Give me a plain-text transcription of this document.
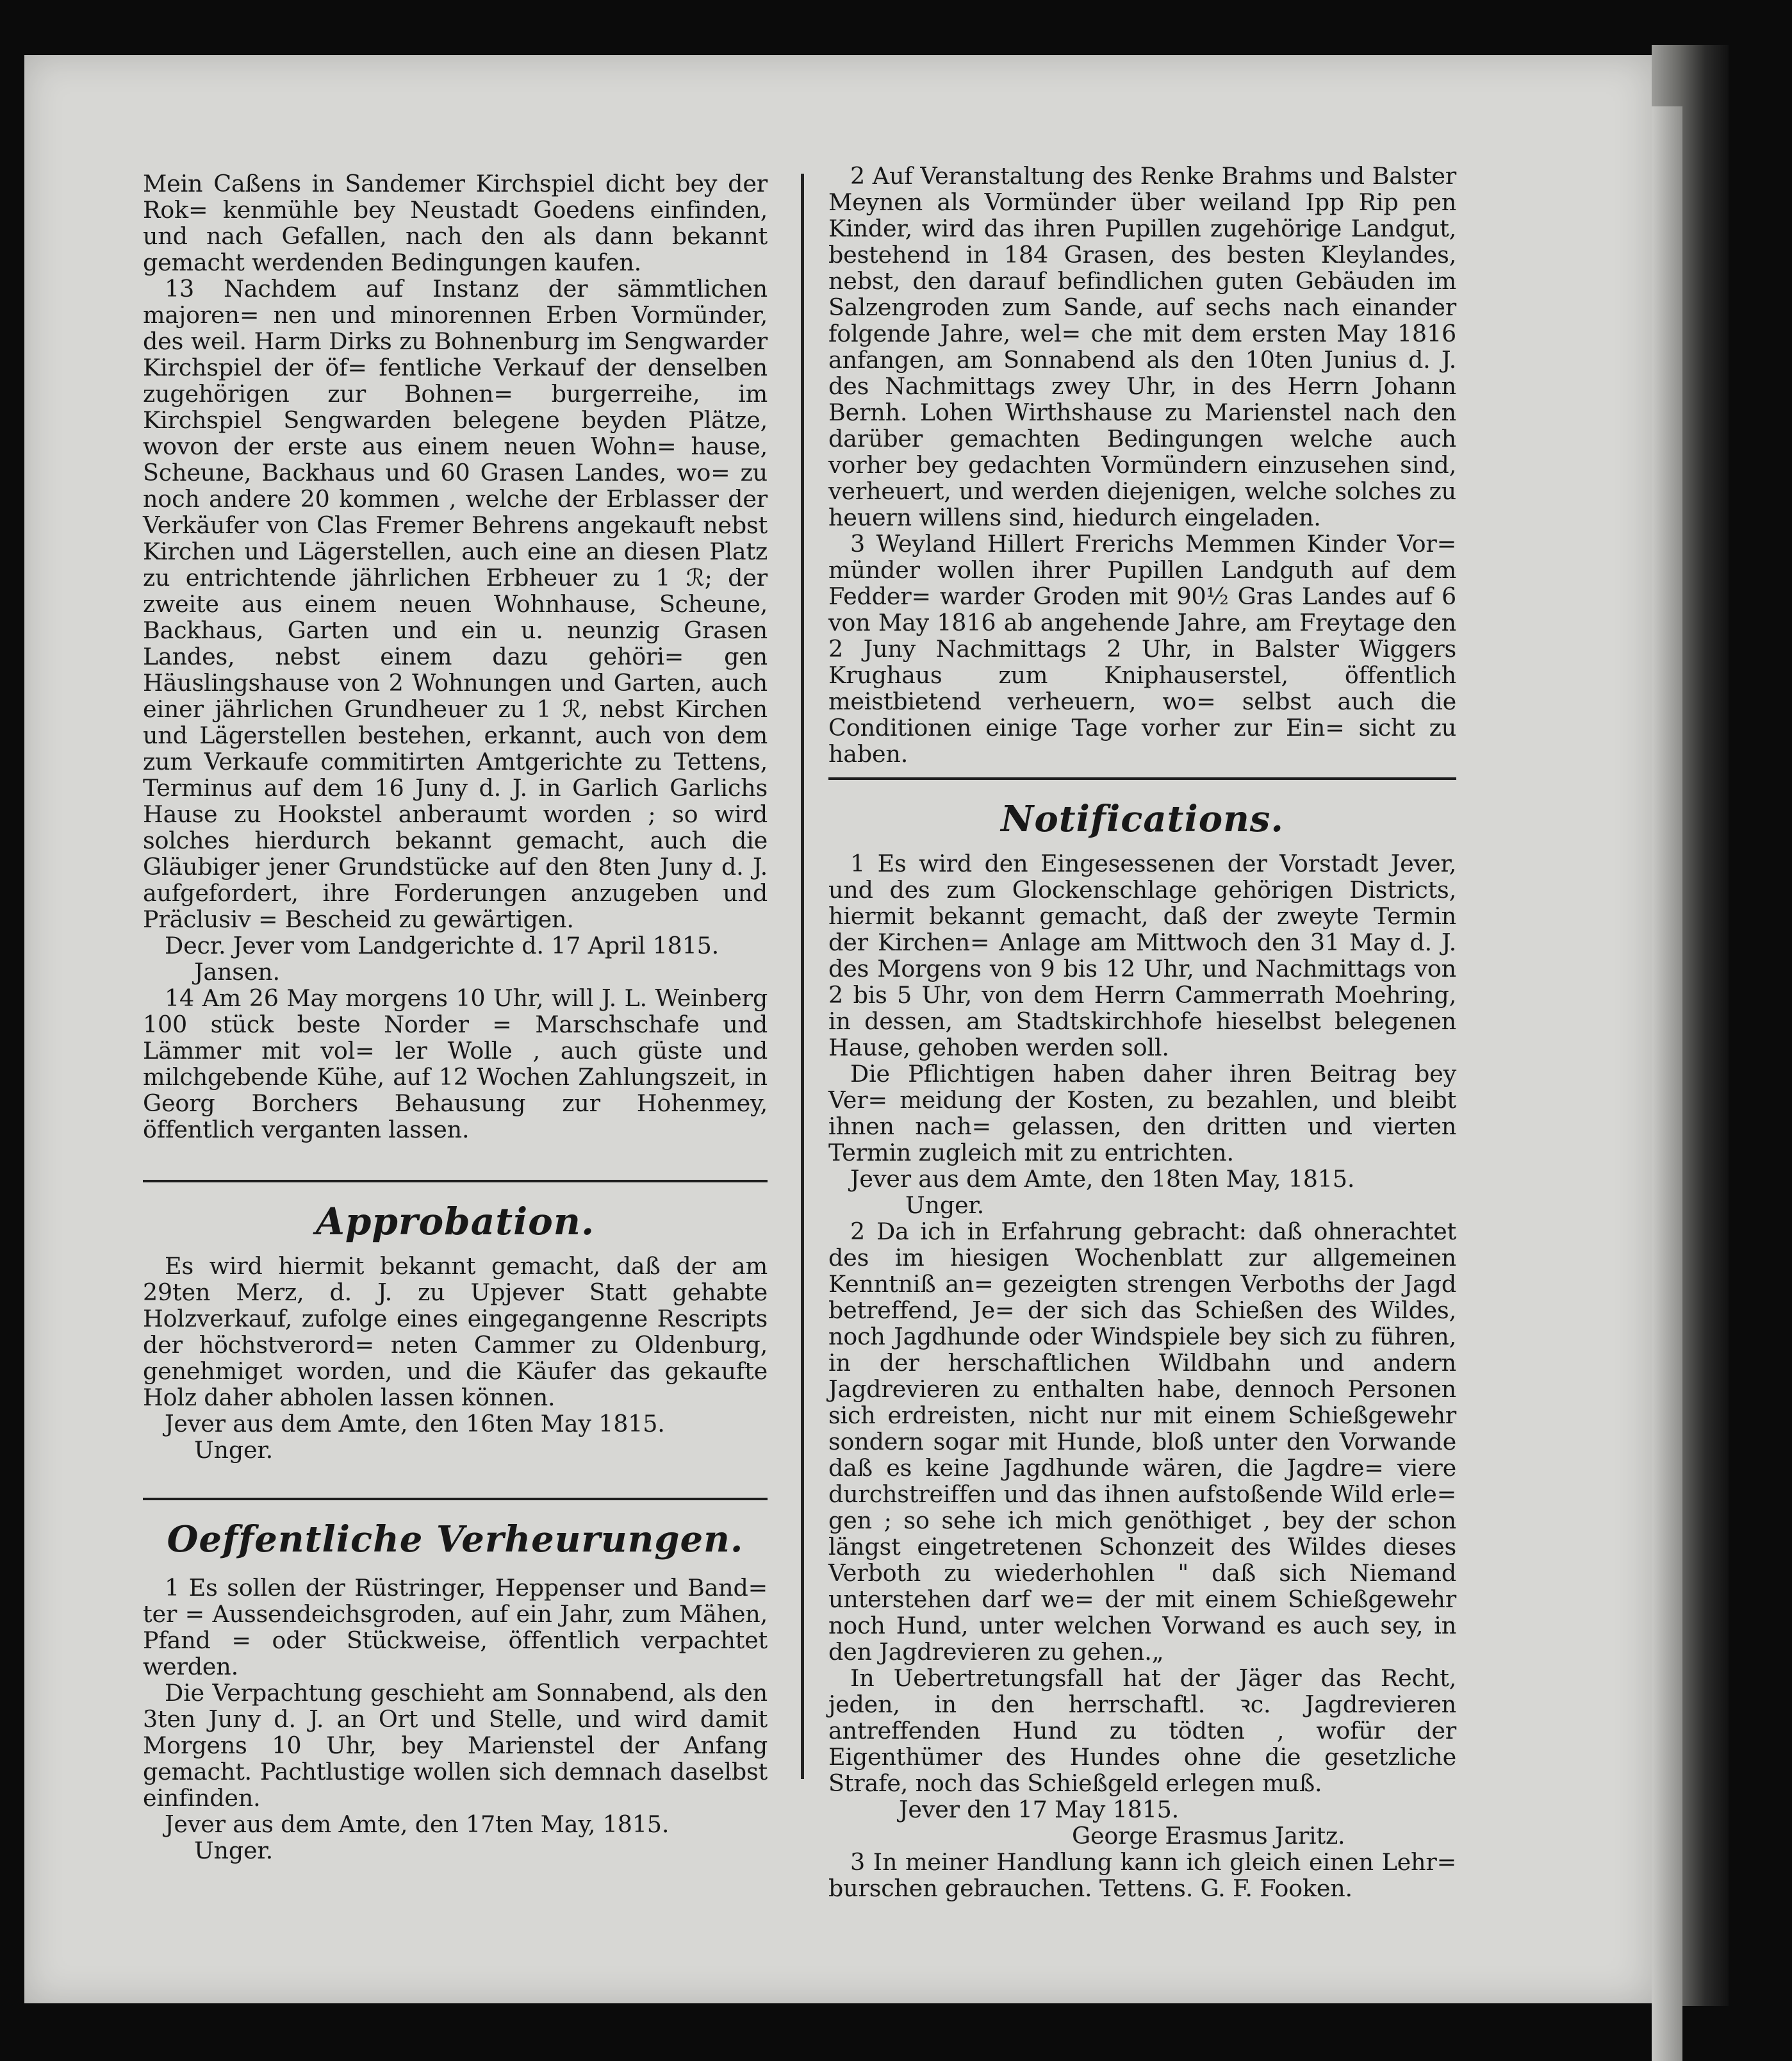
Mein Caßens in Sandemer Kirchspiel dicht bey der Rok= kenmühle bey Neustadt Goedens einfinden, und nach Gefallen, nach den als dann bekannt gemacht werdenden Bedingungen kaufen.

13 Nachdem auf Instanz der sämmtlichen majoren= nen und minorennen Erben Vormünder, des weil. Harm Dirks zu Bohnenburg im Sengwarder Kirchspiel der öf= fentliche Verkauf der denselben zugehörigen zur Bohnen= burgerreihe, im Kirchspiel Sengwarden belegene beyden Plätze, wovon der erste aus einem neuen Wohn= hause, Scheune, Backhaus und 60 Grasen Landes, wo= zu noch andere 20 kommen , welche der Erblasser der Verkäufer von Clas Fremer Behrens angekauft nebst Kirchen und Lägerstellen, auch eine an diesen Platz zu entrichtende jährlichen Erbheuer zu 1 ℛ; der zweite aus einem neuen Wohnhause, Scheune, Backhaus, Garten und ein u. neunzig Grasen Landes, nebst einem dazu gehöri= gen Häuslingshause von 2 Wohnungen und Garten, auch einer jährlichen Grundheuer zu 1 ℛ, nebst Kirchen und Lägerstellen bestehen, erkannt, auch von dem zum Verkaufe commitirten Amtgerichte zu Tettens, Terminus auf dem 16 Juny d. J. in Garlich Garlichs Hause zu Hookstel anberaumt worden ; so wird solches hierdurch bekannt gemacht, auch die Gläubiger jener Grundstücke auf den 8ten Juny d. J. aufgefordert, ihre Forderungen anzugeben und Präclusiv = Bescheid zu gewärtigen.

Decr. Jever vom Landgerichte d. 17 April 1815.

Jansen.

14 Am 26 May morgens 10 Uhr, will J. L. Weinberg 100 stück beste Norder = Marschschafe und Lämmer mit vol= ler Wolle , auch güste und milchgebende Kühe, auf 12 Wochen Zahlungszeit, in Georg Borchers Behausung zur Hohenmey, öffentlich verganten lassen.

Approbation.

Es wird hiermit bekannt gemacht, daß der am 29ten Merz, d. J. zu Upjever Statt gehabte Holzverkauf, zufolge eines eingegangenne Rescripts der höchstverord= neten Cammer zu Oldenburg, genehmiget worden, und die Käufer das gekaufte Holz daher abholen lassen können.

Jever aus dem Amte, den 16ten May 1815.

Unger.

Oeffentliche Verheurungen.

1 Es sollen der Rüstringer, Heppenser und Band= ter = Aussendeichsgroden, auf ein Jahr, zum Mähen, Pfand = oder Stückweise, öffentlich verpachtet werden.

Die Verpachtung geschieht am Sonnabend, als den 3ten Juny d. J. an Ort und Stelle, und wird damit Morgens 10 Uhr, bey Marienstel der Anfang gemacht. Pachtlustige wollen sich demnach daselbst einfinden.

Jever aus dem Amte, den 17ten May, 1815.

Unger.

2 Auf Veranstaltung des Renke Brahms und Balster Meynen als Vormünder über weiland Ipp Rip pen Kinder, wird das ihren Pupillen zugehörige Landgut, bestehend in 184 Grasen, des besten Kleylandes, nebst, den darauf befindlichen guten Gebäuden im Salzengroden zum Sande, auf sechs nach einander folgende Jahre, wel= che mit dem ersten May 1816 anfangen, am Sonnabend als den 10ten Junius d. J. des Nachmittags zwey Uhr, in des Herrn Johann Bernh. Lohen Wirthshause zu Marienstel nach den darüber gemachten Bedingungen welche auch vorher bey gedachten Vormündern einzusehen sind, verheuert, und werden diejenigen, welche solches zu heuern willens sind, hiedurch eingeladen.

3 Weyland Hillert Frerichs Memmen Kinder Vor= münder wollen ihrer Pupillen Landguth auf dem Fedder= warder Groden mit 90½ Gras Landes auf 6 von May 1816 ab angehende Jahre, am Freytage den 2 Juny Nachmittags 2 Uhr, in Balster Wiggers Krughaus zum Kniphauserstel, öffentlich meistbietend verheuern, wo= selbst auch die Conditionen einige Tage vorher zur Ein= sicht zu haben.

Notifications.

1 Es wird den Eingesessenen der Vorstadt Jever, und des zum Glockenschlage gehörigen Districts, hiermit bekannt gemacht, daß der zweyte Termin der Kirchen= Anlage am Mittwoch den 31 May d. J. des Morgens von 9 bis 12 Uhr, und Nachmittags von 2 bis 5 Uhr, von dem Herrn Cammerrath Moehring, in dessen, am Stadtskirchhofe hieselbst belegenen Hause, gehoben werden soll.

Die Pflichtigen haben daher ihren Beitrag bey Ver= meidung der Kosten, zu bezahlen, und bleibt ihnen nach= gelassen, den dritten und vierten Termin zugleich mit zu entrichten.

Jever aus dem Amte, den 18ten May, 1815.

Unger.

2 Da ich in Erfahrung gebracht: daß ohnerachtet des im hiesigen Wochenblatt zur allgemeinen Kenntniß an= gezeigten strengen Verboths der Jagd betreffend, Je= der sich das Schießen des Wildes, noch Jagdhunde oder Windspiele bey sich zu führen, in der herschaftlichen Wildbahn und andern Jagdrevieren zu enthalten habe, dennoch Personen sich erdreisten, nicht nur mit einem Schießgewehr sondern sogar mit Hunde, bloß unter den Vorwande daß es keine Jagdhunde wären, die Jagdre= viere durchstreiffen und das ihnen aufstoßende Wild erle= gen ; so sehe ich mich genöthiget , bey der schon längst eingetretenen Schonzeit des Wildes dieses Verboth zu wiederhohlen " daß sich Niemand unterstehen darf we= der mit einem Schießgewehr noch Hund, unter welchen Vorwand es auch sey, in den Jagdrevieren zu gehen.„

In Uebertretungsfall hat der Jäger das Recht, jeden, in den herrschaftl. ꝛc. Jagdrevieren antreffenden Hund zu tödten , wofür der Eigenthümer des Hundes ohne die gesetzliche Strafe, noch das Schießgeld erlegen muß.

Jever den 17 May 1815.

George Erasmus Jaritz.

3 In meiner Handlung kann ich gleich einen Lehr= burschen gebrauchen. Tettens. G. F. Fooken.
